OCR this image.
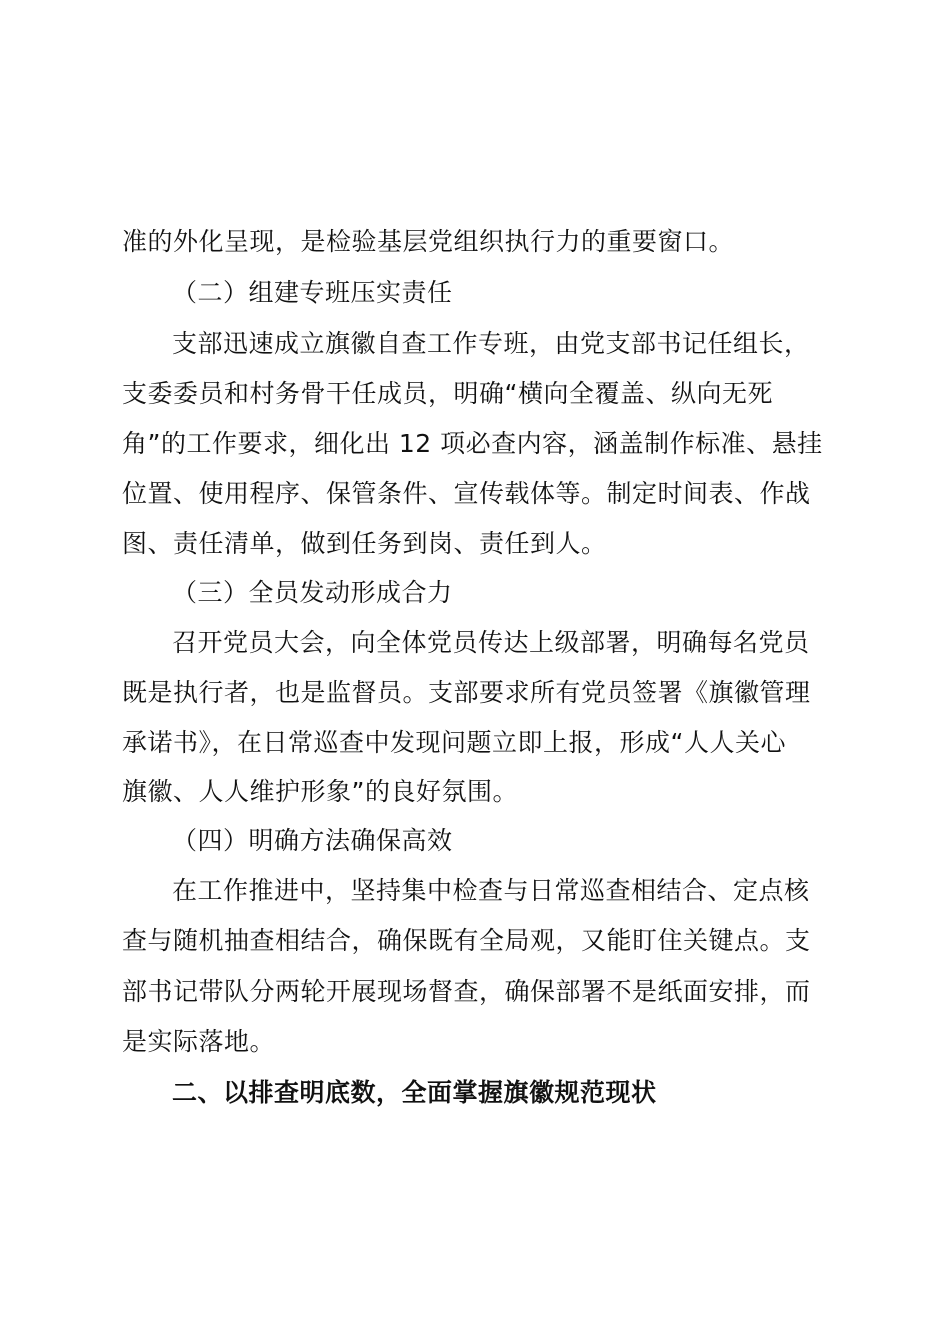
准的外化呈现，是检验基层党组织执行力的重要窗口。
（二）组建专班压实责任
支部迅速成立旗徽自查工作专班，由党支部书记任组长，
支委委员和村务骨干任成员，明确“横向全覆盖、纵向无死
角”的工作要求，细化出 12 项必查内容，涵盖制作标准、悬挂
位置、使用程序、保管条件、宣传载体等。制定时间表、作战
图、责任清单，做到任务到岗、责任到人。
（三）全员发动形成合力
召开党员大会，向全体党员传达上级部署，明确每名党员
既是执行者，也是监督员。支部要求所有党员签署《旗徽管理
承诺书》，在日常巡查中发现问题立即上报，形成“人人关心
旗徽、人人维护形象”的良好氛围。
（四）明确方法确保高效
在工作推进中，坚持集中检查与日常巡查相结合、定点核
查与随机抽查相结合，确保既有全局观，又能盯住关键点。支
部书记带队分两轮开展现场督查，确保部署不是纸面安排，而
是实际落地。
二、以排查明底数，全面掌握旗徽规范现状
